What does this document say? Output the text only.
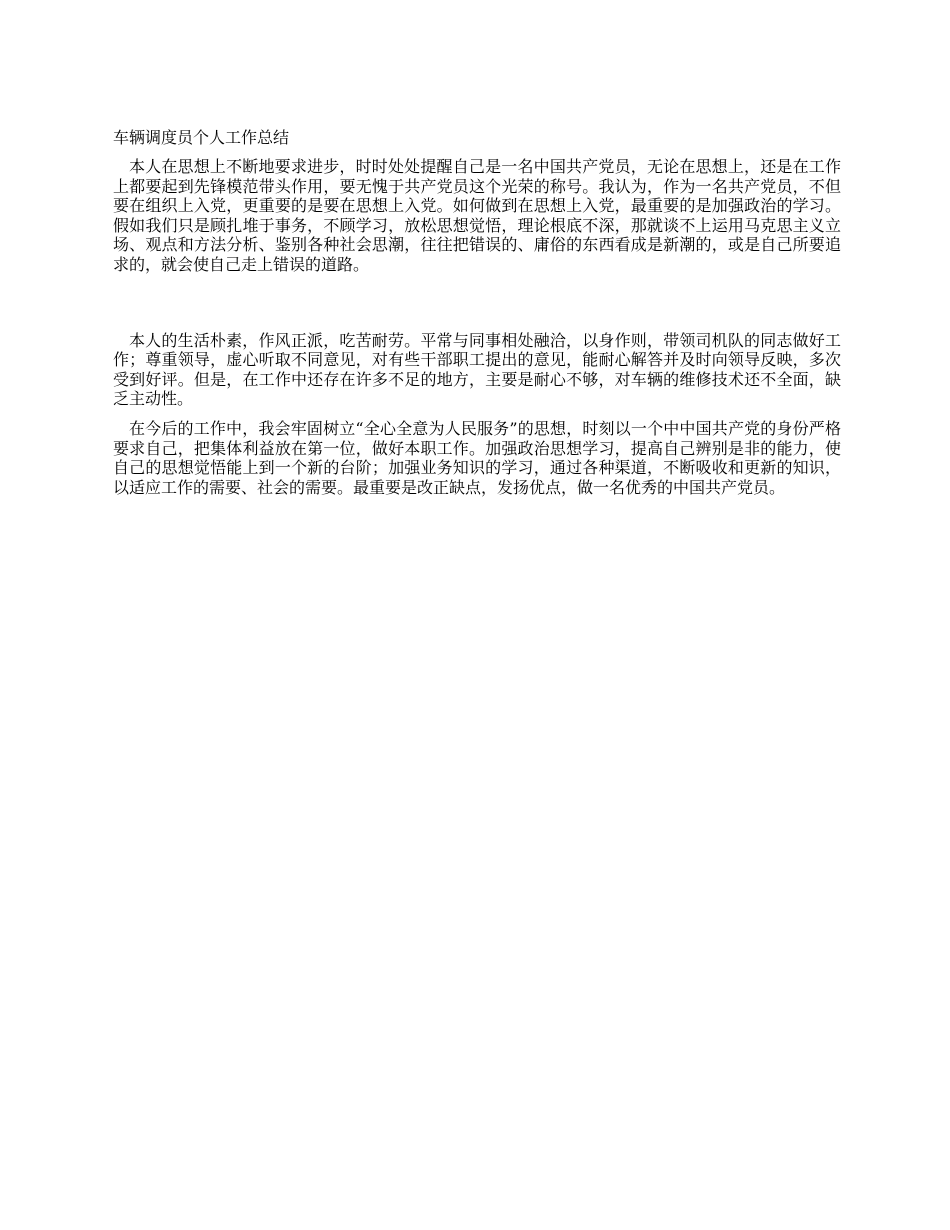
车辆调度员个人工作总结

本人在思想上不断地要求进步，时时处处提醒自己是一名中国共产党员，无论在思想上，还是在工作上都要起到先锋模范带头作用，要无愧于共产党员这个光荣的称号。我认为，作为一名共产党员，不但要在组织上入党，更重要的是要在思想上入党。如何做到在思想上入党，最重要的是加强政治的学习。假如我们只是顾扎堆于事务，不顾学习，放松思想觉悟，理论根底不深，那就谈不上运用马克思主义立场、观点和方法分析、鉴别各种社会思潮，往往把错误的、庸俗的东西看成是新潮的，或是自己所要追求的，就会使自己走上错误的道路。

本人的生活朴素，作风正派，吃苦耐劳。平常与同事相处融洽，以身作则，带领司机队的同志做好工作；尊重领导，虚心听取不同意见，对有些干部职工提出的意见，能耐心解答并及时向领导反映，多次受到好评。但是，在工作中还存在许多不足的地方，主要是耐心不够，对车辆的维修技术还不全面，缺乏主动性。

在今后的工作中，我会牢固树立“全心全意为人民服务”的思想，时刻以一个中中国共产党的身份严格要求自己，把集体利益放在第一位，做好本职工作。加强政治思想学习，提高自己辨别是非的能力，使自己的思想觉悟能上到一个新的台阶；加强业务知识的学习，通过各种渠道，不断吸收和更新的知识，以适应工作的需要、社会的需要。最重要是改正缺点，发扬优点，做一名优秀的中国共产党员。
